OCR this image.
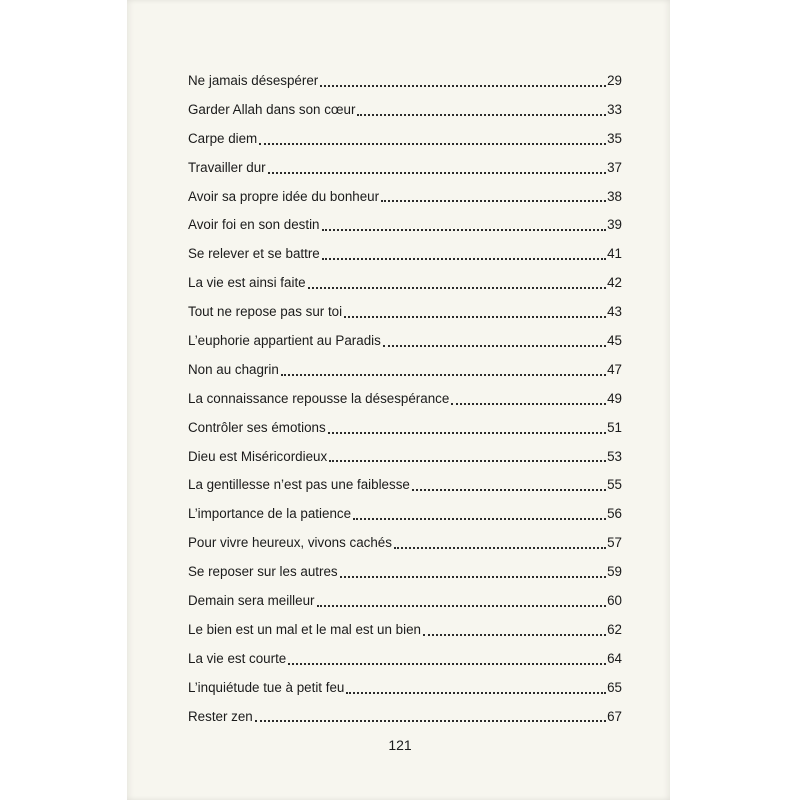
Ne jamais désespérer	29
Garder Allah dans son cœur	33
Carpe diem	35
Travailler dur	37
Avoir sa propre idée du bonheur	38
Avoir foi en son destin	39
Se relever et se battre	41
La vie est ainsi faite	42
Tout ne repose pas sur toi	43
L’euphorie appartient au Paradis	45
Non au chagrin	47
La connaissance repousse la désespérance	49
Contrôler ses émotions	51
Dieu est Miséricordieux	53
La gentillesse n’est pas une faiblesse	55
L’importance de la patience	56
Pour vivre heureux, vivons cachés	57
Se reposer sur les autres	59
Demain sera meilleur	60
Le bien est un mal et le mal est un bien	62
La vie est courte	64
L’inquiétude tue à petit feu	65
Rester zen	67
121
